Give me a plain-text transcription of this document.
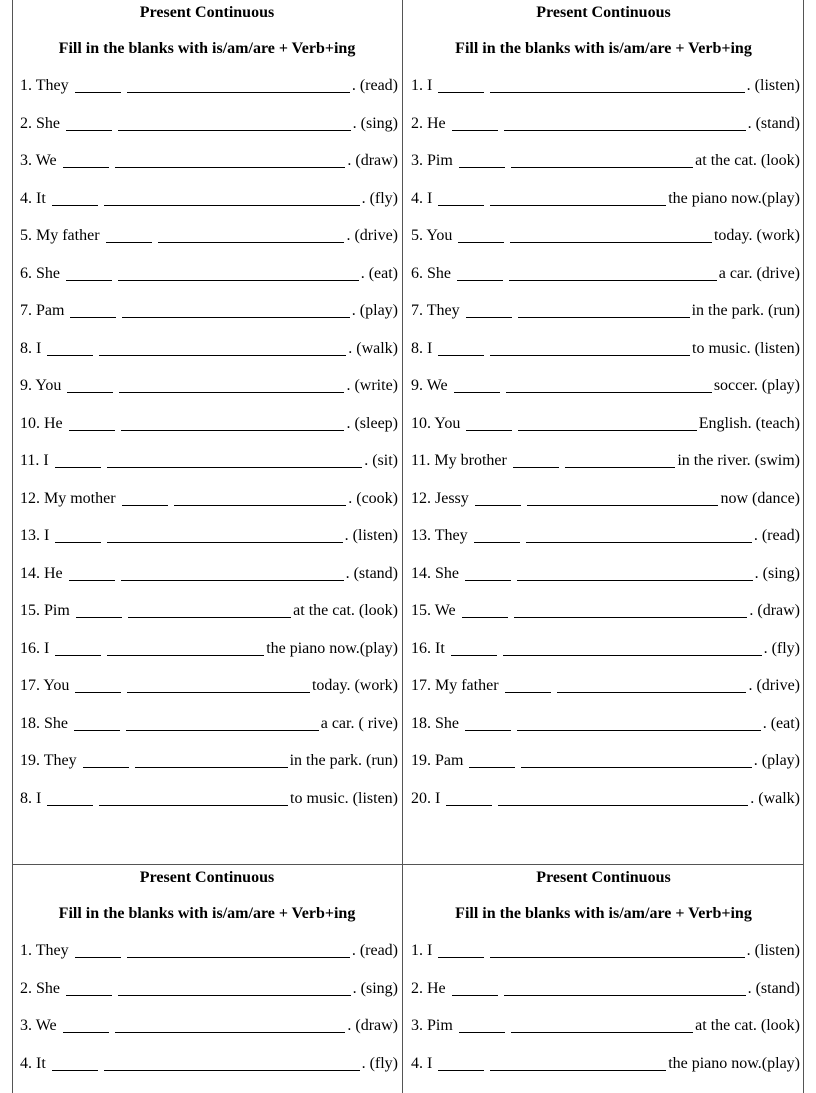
Present Continuous
Fill in the blanks with is/am/are + Verb+ing
1. They	. (read)
2. She	. (sing)
3. We	. (draw)
4. It	. (fly)
5. My father	. (drive)
6. She	. (eat)
7. Pam	. (play)
8. I	. (walk)
9. You	. (write)
10. He	. (sleep)
11. I	. (sit)
12. My mother	. (cook)
13. I	. (listen)
14. He	. (stand)
15. Pim	at the cat. (look)
16. I	the piano now.(play)
17. You	today. (work)
18. She	a car. ( rive)
19. They	in the park. (run)
8. I	to music. (listen)
Present Continuous
Fill in the blanks with is/am/are + Verb+ing
1. I	. (listen)
2. He	. (stand)
3. Pim	at the cat. (look)
4. I	the piano now.(play)
5. You	today. (work)
6. She	a car. (drive)
7. They	in the park. (run)
8. I	to music. (listen)
9. We	soccer. (play)
10. You	English. (teach)
11. My brother	in the river. (swim)
12. Jessy	now (dance)
13. They	. (read)
14. She	. (sing)
15. We	. (draw)
16. It	. (fly)
17. My father	. (drive)
18. She	. (eat)
19. Pam	. (play)
20. I	. (walk)
Present Continuous
Fill in the blanks with is/am/are + Verb+ing
1. They	. (read)
2. She	. (sing)
3. We	. (draw)
4. It	. (fly)
Present Continuous
Fill in the blanks with is/am/are + Verb+ing
1. I	. (listen)
2. He	. (stand)
3. Pim	at the cat. (look)
4. I	the piano now.(play)
